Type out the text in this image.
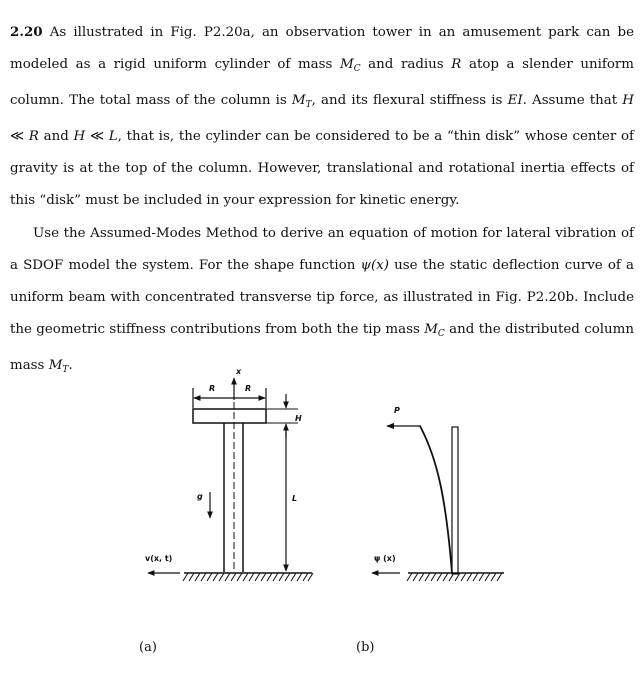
2.20 As illustrated in Fig. P2.20a, an observation tower in an amusement park can be modeled as a rigid uniform cylinder of mass $M_C$ and radius R atop a slender uniform column. The total mass of the column is $M_T$, and its flexural stiffness is EI. Assume that H ≪ R and H ≪ L, that is, the cylinder can be considered to be a “thin disk” whose center of gravity is at the top of the column. However, translational and rotational inertia effects of this “disk” must be included in your expression for kinetic energy.
Use the Assumed-Modes Method to derive an equation of motion for lateral vibration of a SDOF model the system. For the shape function ψ(x) use the static deflection curve of a uniform beam with concentrated transverse tip force, as illustrated in Fig. P2.20b. Include the geometric stiffness contributions from both the tip mass $M_C$ and the distributed column mass $M_T$.
R	R
x
H
L
g
v(x, t)
(a)
P
ψ (x)
(b)
